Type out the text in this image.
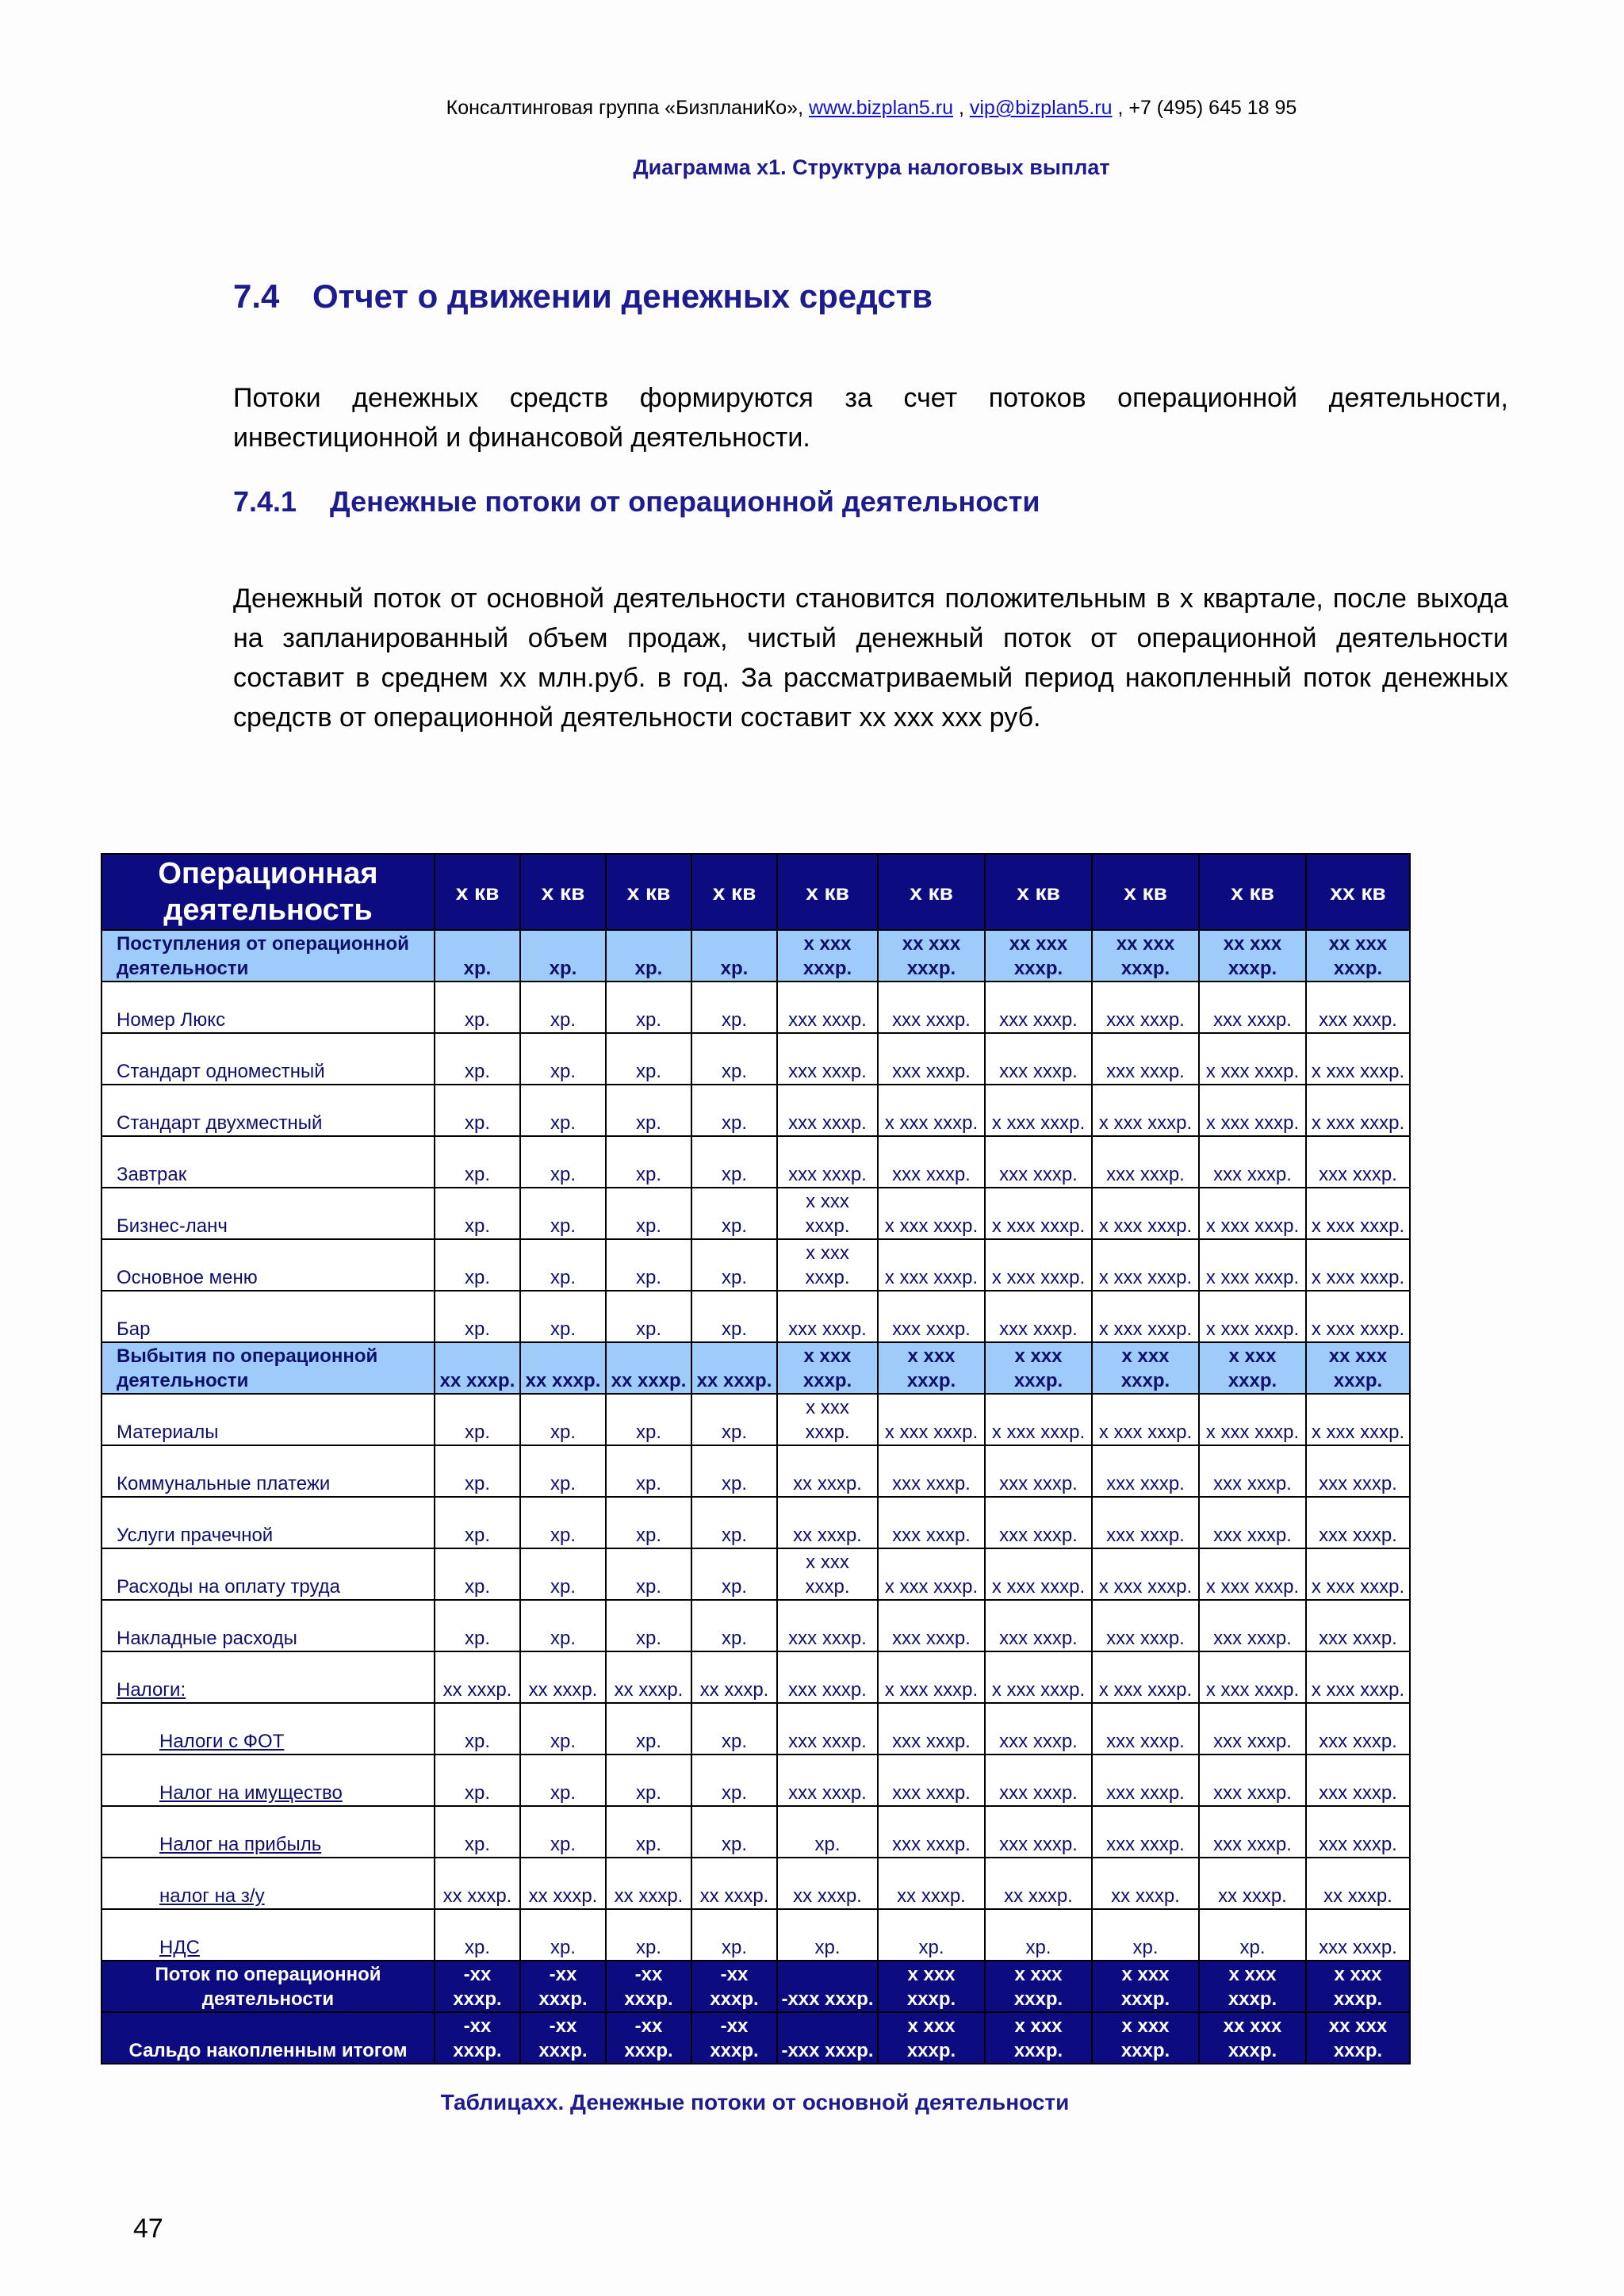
Консалтинговая группа «БизпланиКо», www.bizplan5.ru , vip@bizplan5.ru , +7 (495) 645 18 95
Диаграмма х1. Структура налоговых выплат
7.4 Отчет о движении денежных средств
Потоки денежных средств формируются за счет потоков операционной деятельности, инвестиционной и финансовой деятельности.
7.4.1 Денежные потоки от операционной деятельности
Денежный поток от основной деятельности становится положительным в х квартале, после выхода на запланированный объем продаж, чистый денежный поток от операционной деятельности составит в среднем хх млн.руб. в год. За рассматриваемый период накопленный поток денежных средств от операционной деятельности составит хх ххх ххх руб.
Операционная деятельность	х кв	х кв	х кв	х кв	х кв	х кв	х кв	х кв	х кв	хх кв
Поступления от операционной деятельности	хр.	хр.	хр.	хр.	х ххх хххр.	хх ххх хххр.	хх ххх хххр.	хх ххх хххр.	хх ххх хххр.	хх ххх хххр.
Номер Люкс	хр.	хр.	хр.	хр.	ххх хххр.	ххх хххр.	ххх хххр.	ххх хххр.	ххх хххр.	ххх хххр.
Стандарт одноместный	хр.	хр.	хр.	хр.	ххх хххр.	ххх хххр.	ххх хххр.	ххх хххр.	х ххх хххр.	х ххх хххр.
Стандарт двухместный	хр.	хр.	хр.	хр.	ххх хххр.	х ххх хххр.	х ххх хххр.	х ххх хххр.	х ххх хххр.	х ххх хххр.
Завтрак	хр.	хр.	хр.	хр.	ххх хххр.	ххх хххр.	ххх хххр.	ххх хххр.	ххх хххр.	ххх хххр.
Бизнес-ланч	хр.	хр.	хр.	хр.	х ххх хххр.	х ххх хххр.	х ххх хххр.	х ххх хххр.	х ххх хххр.	х ххх хххр.
Основное меню	хр.	хр.	хр.	хр.	х ххх хххр.	х ххх хххр.	х ххх хххр.	х ххх хххр.	х ххх хххр.	х ххх хххр.
Бар	хр.	хр.	хр.	хр.	ххх хххр.	ххх хххр.	ххх хххр.	х ххх хххр.	х ххх хххр.	х ххх хххр.
Выбытия по операционной деятельности	хх хххр.	хх хххр.	хх хххр.	хх хххр.	х ххх хххр.	х ххх хххр.	х ххх хххр.	х ххх хххр.	х ххх хххр.	хх ххх хххр.
Материалы	хр.	хр.	хр.	хр.	х ххх хххр.	х ххх хххр.	х ххх хххр.	х ххх хххр.	х ххх хххр.	х ххх хххр.
Коммунальные платежи	хр.	хр.	хр.	хр.	хх хххр.	ххх хххр.	ххх хххр.	ххх хххр.	ххх хххр.	ххх хххр.
Услуги прачечной	хр.	хр.	хр.	хр.	хх хххр.	ххх хххр.	ххх хххр.	ххх хххр.	ххх хххр.	ххх хххр.
Расходы на оплату труда	хр.	хр.	хр.	хр.	х ххх хххр.	х ххх хххр.	х ххх хххр.	х ххх хххр.	х ххх хххр.	х ххх хххр.
Накладные расходы	хр.	хр.	хр.	хр.	ххх хххр.	ххх хххр.	ххх хххр.	ххх хххр.	ххх хххр.	ххх хххр.
Налоги:	хх хххр.	хх хххр.	хх хххр.	хх хххр.	ххх хххр.	х ххх хххр.	х ххх хххр.	х ххх хххр.	х ххх хххр.	х ххх хххр.
Налоги с ФОТ	хр.	хр.	хр.	хр.	ххх хххр.	ххх хххр.	ххх хххр.	ххх хххр.	ххх хххр.	ххх хххр.
Налог на имущество	хр.	хр.	хр.	хр.	ххх хххр.	ххх хххр.	ххх хххр.	ххх хххр.	ххх хххр.	ххх хххр.
Налог на прибыль	хр.	хр.	хр.	хр.	хр.	ххх хххр.	ххх хххр.	ххх хххр.	ххх хххр.	ххх хххр.
налог на з/у	хх хххр.	хх хххр.	хх хххр.	хх хххр.	хх хххр.	хх хххр.	хх хххр.	хх хххр.	хх хххр.	хх хххр.
НДС	хр.	хр.	хр.	хр.	хр.	хр.	хр.	хр.	хр.	ххх хххр.
Поток по операционной деятельности	-хх хххр.	-хх хххр.	-хх хххр.	-хх хххр.	-ххх хххр.	х ххх хххр.	х ххх хххр.	х ххх хххр.	х ххх хххр.	х ххх хххр.
Сальдо накопленным итогом	-хх хххр.	-хх хххр.	-хх хххр.	-хх хххр.	-ххх хххр.	х ххх хххр.	х ххх хххр.	х ххх хххр.	хх ххх хххр.	хх ххх хххр.
Таблицахх. Денежные потоки от основной деятельности
47
